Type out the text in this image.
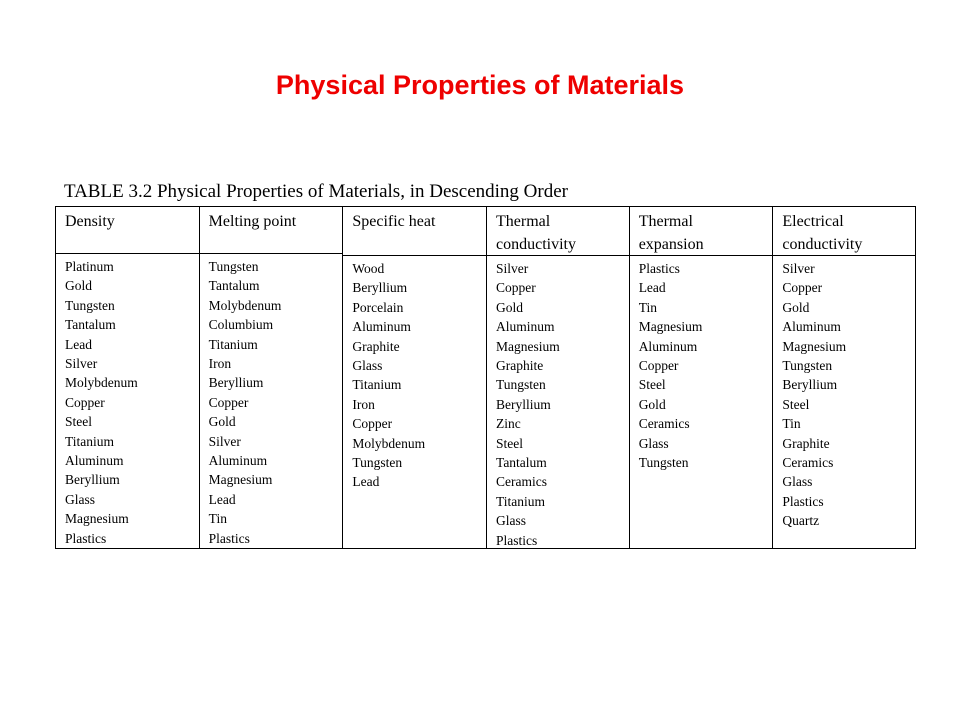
Physical Properties of Materials
TABLE 3.2 Physical Properties of Materials, in Descending Order
Density
Platinum
Gold
Tungsten
Tantalum
Lead
Silver
Molybdenum
Copper
Steel
Titanium
Aluminum
Beryllium
Glass
Magnesium
Plastics
Melting point
Tungsten
Tantalum
Molybdenum
Columbium
Titanium
Iron
Beryllium
Copper
Gold
Silver
Aluminum
Magnesium
Lead
Tin
Plastics
Specific heat
Wood
Beryllium
Porcelain
Aluminum
Graphite
Glass
Titanium
Iron
Copper
Molybdenum
Tungsten
Lead
Thermal
conductivity
Silver
Copper
Gold
Aluminum
Magnesium
Graphite
Tungsten
Beryllium
Zinc
Steel
Tantalum
Ceramics
Titanium
Glass
Plastics
Thermal
expansion
Plastics
Lead
Tin
Magnesium
Aluminum
Copper
Steel
Gold
Ceramics
Glass
Tungsten
Electrical
conductivity
Silver
Copper
Gold
Aluminum
Magnesium
Tungsten
Beryllium
Steel
Tin
Graphite
Ceramics
Glass
Plastics
Quartz
